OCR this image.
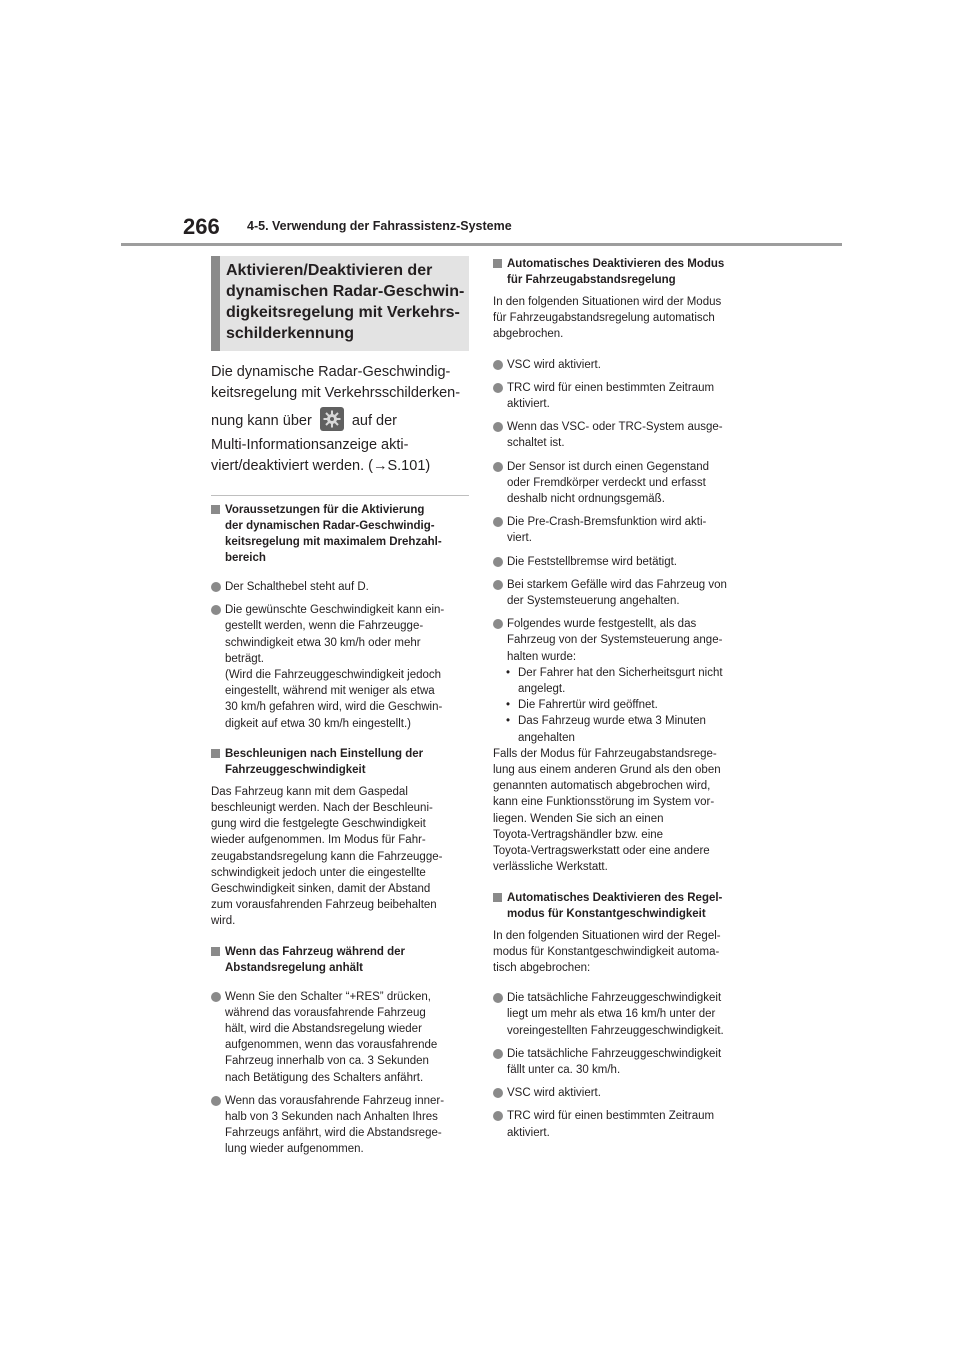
266 4-5. Verwendung der Fahrassistenz-Systeme
Aktivieren/Deaktivieren der
dynamischen Radar-Geschwin-
digkeitsregelung mit Verkehrs-
schilderkennung
Die dynamische Radar-Geschwindig-
keitsregelung mit Verkehrsschilderken-
nung kann über	auf der
Multi-Informationsanzeige akti-
viert/deaktiviert werden. (→S.101)
Voraussetzungen für die Aktivierung
der dynamischen Radar-Geschwindig-
keitsregelung mit maximalem Drehzahl-
bereich
Der Schalthebel steht auf D.
Die gewünschte Geschwindigkeit kann ein-
gestellt werden, wenn die Fahrzeugge-
schwindigkeit etwa 30 km/h oder mehr
beträgt.
(Wird die Fahrzeuggeschwindigkeit jedoch
eingestellt, während mit weniger als etwa
30 km/h gefahren wird, wird die Geschwin-
digkeit auf etwa 30 km/h eingestellt.)
Beschleunigen nach Einstellung der
Fahrzeuggeschwindigkeit
Das Fahrzeug kann mit dem Gaspedal
beschleunigt werden. Nach der Beschleuni-
gung wird die festgelegte Geschwindigkeit
wieder aufgenommen. Im Modus für Fahr-
zeugabstandsregelung kann die Fahrzeugge-
schwindigkeit jedoch unter die eingestellte
Geschwindigkeit sinken, damit der Abstand
zum vorausfahrenden Fahrzeug beibehalten
wird.
Wenn das Fahrzeug während der
Abstandsregelung anhält
Wenn Sie den Schalter “+RES” drücken,
während das vorausfahrende Fahrzeug
hält, wird die Abstandsregelung wieder
aufgenommen, wenn das vorausfahrende
Fahrzeug innerhalb von ca. 3 Sekunden
nach Betätigung des Schalters anfährt.
Wenn das vorausfahrende Fahrzeug inner-
halb von 3 Sekunden nach Anhalten Ihres
Fahrzeugs anfährt, wird die Abstandsrege-
lung wieder aufgenommen.
Automatisches Deaktivieren des Modus
für Fahrzeugabstandsregelung
In den folgenden Situationen wird der Modus
für Fahrzeugabstandsregelung automatisch
abgebrochen.
VSC wird aktiviert.
TRC wird für einen bestimmten Zeitraum
aktiviert.
Wenn das VSC- oder TRC-System ausge-
schaltet ist.
Der Sensor ist durch einen Gegenstand
oder Fremdkörper verdeckt und erfasst
deshalb nicht ordnungsgemäß.
Die Pre-Crash-Bremsfunktion wird akti-
viert.
Die Feststellbremse wird betätigt.
Bei starkem Gefälle wird das Fahrzeug von
der Systemsteuerung angehalten.
Folgendes wurde festgestellt, als das
Fahrzeug von der Systemsteuerung ange-
halten wurde:
• Der Fahrer hat den Sicherheitsgurt nicht
angelegt.
• Die Fahrertür wird geöffnet.
• Das Fahrzeug wurde etwa 3 Minuten
angehalten
Falls der Modus für Fahrzeugabstandsrege-
lung aus einem anderen Grund als den oben
genannten automatisch abgebrochen wird,
kann eine Funktionsstörung im System vor-
liegen. Wenden Sie sich an einen
Toyota-Vertragshändler bzw. eine
Toyota-Vertragswerkstatt oder eine andere
verlässliche Werkstatt.
Automatisches Deaktivieren des Regel-
modus für Konstantgeschwindigkeit
In den folgenden Situationen wird der Regel-
modus für Konstantgeschwindigkeit automa-
tisch abgebrochen:
Die tatsächliche Fahrzeuggeschwindigkeit
liegt um mehr als etwa 16 km/h unter der
voreingestellten Fahrzeuggeschwindigkeit.
Die tatsächliche Fahrzeuggeschwindigkeit
fällt unter ca. 30 km/h.
VSC wird aktiviert.
TRC wird für einen bestimmten Zeitraum
aktiviert.
